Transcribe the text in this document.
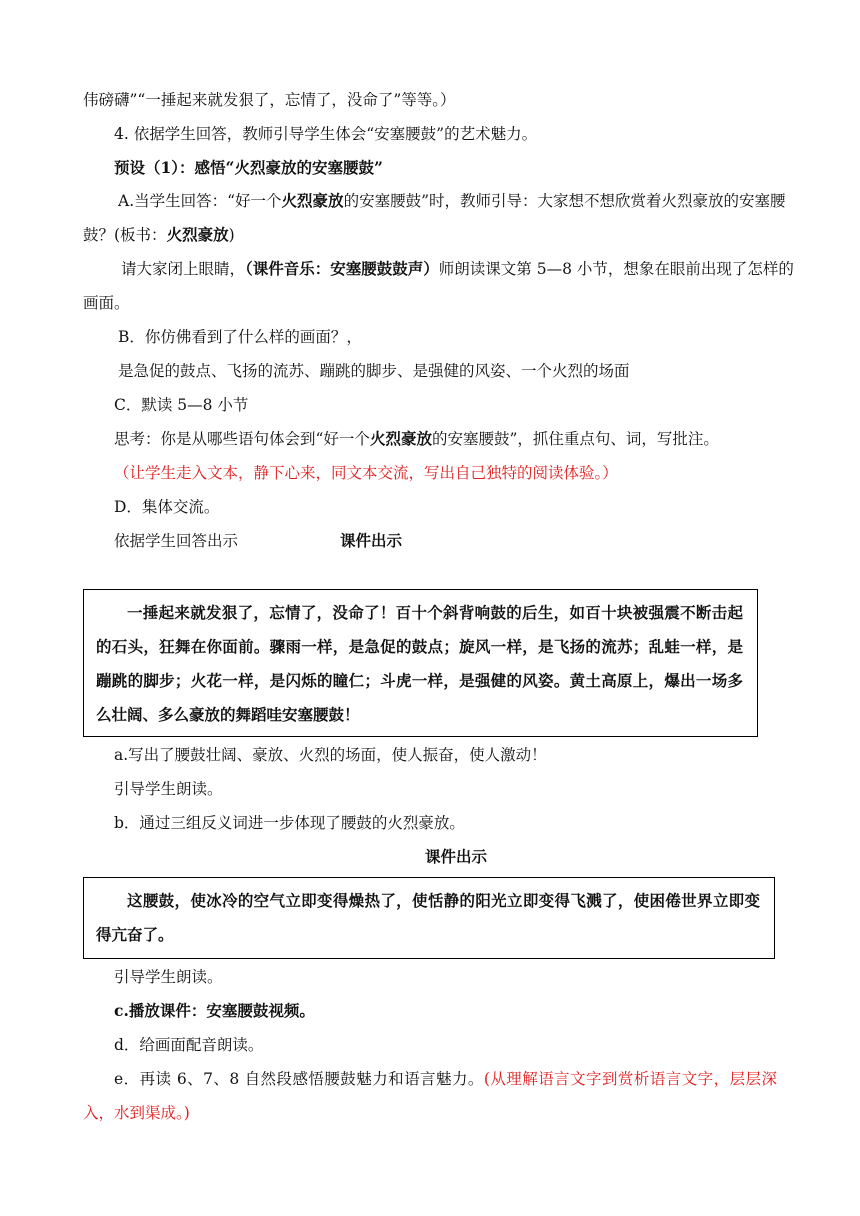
伟磅礴”“一捶起来就发狠了，忘情了，没命了”等等。）
4. 依据学生回答，教师引导学生体会“安塞腰鼓”的艺术魅力。
预设（1）：感悟“火烈豪放的安塞腰鼓”
A.当学生回答：“好一个火烈豪放的安塞腰鼓”时，教师引导：大家想不想欣赏着火烈豪放的安塞腰
鼓？(板书：火烈豪放)
请大家闭上眼睛，（课件音乐：安塞腰鼓鼓声）师朗读课文第 5—8 小节，想象在眼前出现了怎样的
画面。
B．你仿佛看到了什么样的画面？，
是急促的鼓点、飞扬的流苏、蹦跳的脚步、是强健的风姿、一个火烈的场面
C．默读 5—8 小节
思考：你是从哪些语句体会到“好一个火烈豪放的安塞腰鼓”，抓住重点句、词，写批注。
（让学生走入文本，静下心来，同文本交流，写出自己独特的阅读体验。）
D．集体交流。
依据学生回答出示	课件出示

一捶起来就发狠了，忘情了，没命了！百十个斜背响鼓的后生，如百十块被强震不断击起的石头，狂舞在你面前。骤雨一样，是急促的鼓点；旋风一样，是飞扬的流苏；乱蛙一样，是蹦跳的脚步；火花一样，是闪烁的瞳仁；斗虎一样，是强健的风姿。黄土高原上，爆出一场多么壮阔、多么豪放的舞蹈哇安塞腰鼓！

a.写出了腰鼓壮阔、豪放、火烈的场面，使人振奋，使人激动！
引导学生朗读。
b．通过三组反义词进一步体现了腰鼓的火烈豪放。
课件出示

这腰鼓，使冰冷的空气立即变得燥热了，使恬静的阳光立即变得飞溅了，使困倦世界立即变得亢奋了。

引导学生朗读。
c.播放课件：安塞腰鼓视频。
d．给画面配音朗读。
e．再读 6、7、8 自然段感悟腰鼓魅力和语言魅力。(从理解语言文字到赏析语言文字，层层深入，水到渠成。)
